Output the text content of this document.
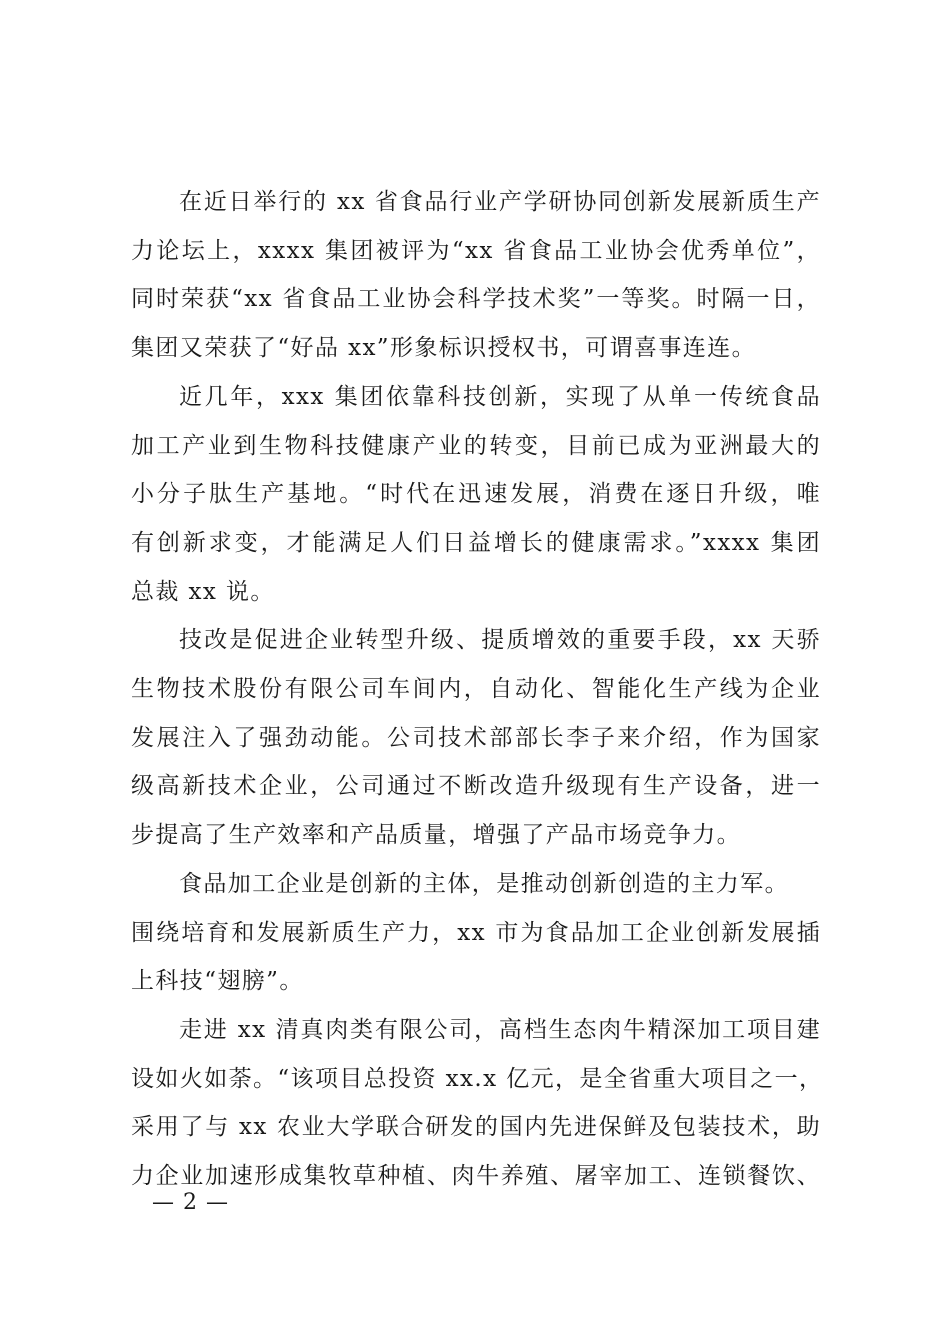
在近日举行的 xx 省食品行业产学研协同创新发展新质生产
力论坛上，xxxx 集团被评为“xx 省食品工业协会优秀单位”，
同时荣获“xx 省食品工业协会科学技术奖”一等奖。时隔一日，
集团又荣获了“好品 xx”形象标识授权书，可谓喜事连连。
近几年，xxx 集团依靠科技创新，实现了从单一传统食品
加工产业到生物科技健康产业的转变，目前已成为亚洲最大的
小分子肽生产基地。“时代在迅速发展，消费在逐日升级，唯
有创新求变，才能满足人们日益增长的健康需求。”xxxx 集团
总裁 xx 说。
技改是促进企业转型升级、提质增效的重要手段，xx 天骄
生物技术股份有限公司车间内，自动化、智能化生产线为企业
发展注入了强劲动能。公司技术部部长李子来介绍，作为国家
级高新技术企业，公司通过不断改造升级现有生产设备，进一
步提高了生产效率和产品质量，增强了产品市场竞争力。
食品加工企业是创新的主体，是推动创新创造的主力军。
围绕培育和发展新质生产力，xx 市为食品加工企业创新发展插
上科技“翅膀”。
走进 xx 清真肉类有限公司，高档生态肉牛精深加工项目建
设如火如荼。“该项目总投资 xx.x 亿元，是全省重大项目之一，
采用了与 xx 农业大学联合研发的国内先进保鲜及包装技术，助
力企业加速形成集牧草种植、肉牛养殖、屠宰加工、连锁餐饮、
— 2 —
